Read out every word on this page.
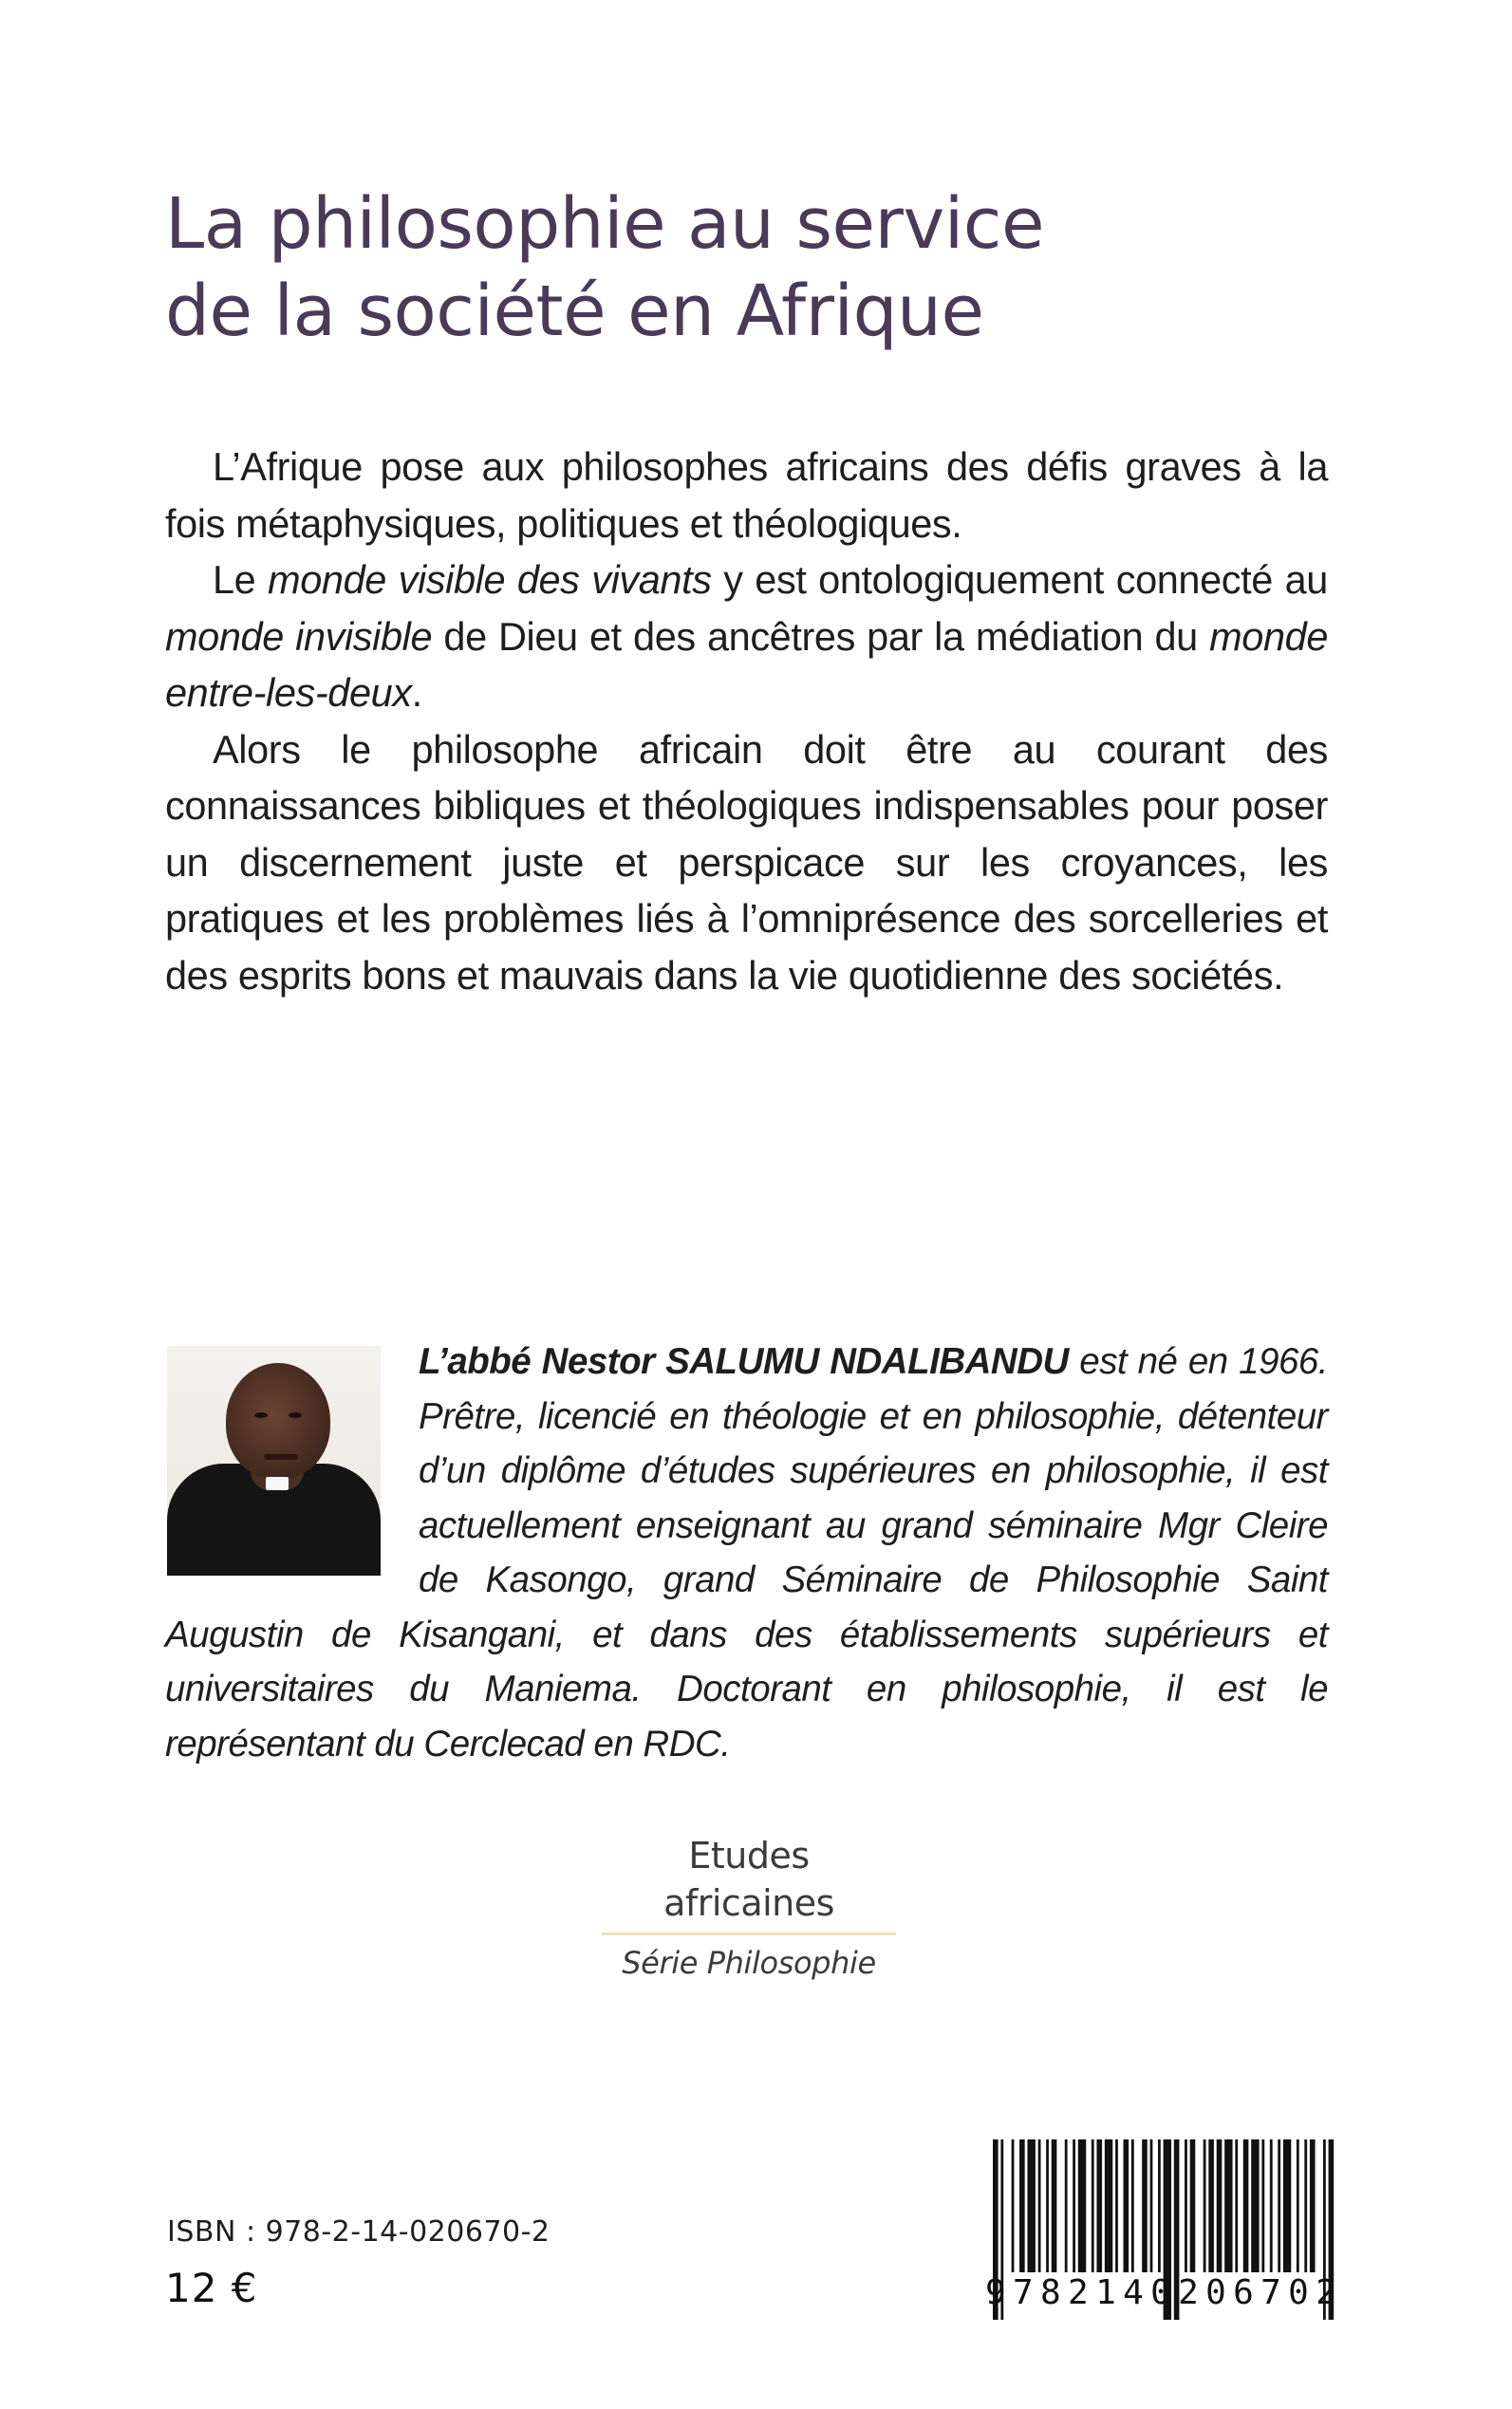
La philosophie au service
de la société en Afrique

L’Afrique pose aux philosophes africains des défis graves à la fois métaphysiques, politiques et théologiques.

Le monde visible des vivants y est ontologiquement connecté au monde invisible de Dieu et des ancêtres par la médiation du monde entre-les-deux.

Alors le philosophe africain doit être au courant des connaissances bibliques et théologiques indispensables pour poser un discernement juste et perspicace sur les croyances, les pratiques et les problèmes liés à l’omniprésence des sorcelleries et des esprits bons et mauvais dans la vie quotidienne des sociétés.

L’abbé Nestor SALUMU NDALIBANDU est né en 1966. Prêtre, licencié en théologie et en philosophie, détenteur d’un diplôme d’études supérieures en philosophie, il est actuellement enseignant au grand séminaire Mgr Cleire de Kasongo, grand Séminaire de Philosophie Saint Augustin de Kisangani, et dans des établissements supérieurs et universitaires du Maniema. Doctorant en philosophie, il est le représentant du Cerclecad en RDC.
Etudes africaines
Série Philosophie
ISBN : 978-2-14-020670-2
12 €	9 7 8 2 1 4 0 2 0 6 7 0 2
